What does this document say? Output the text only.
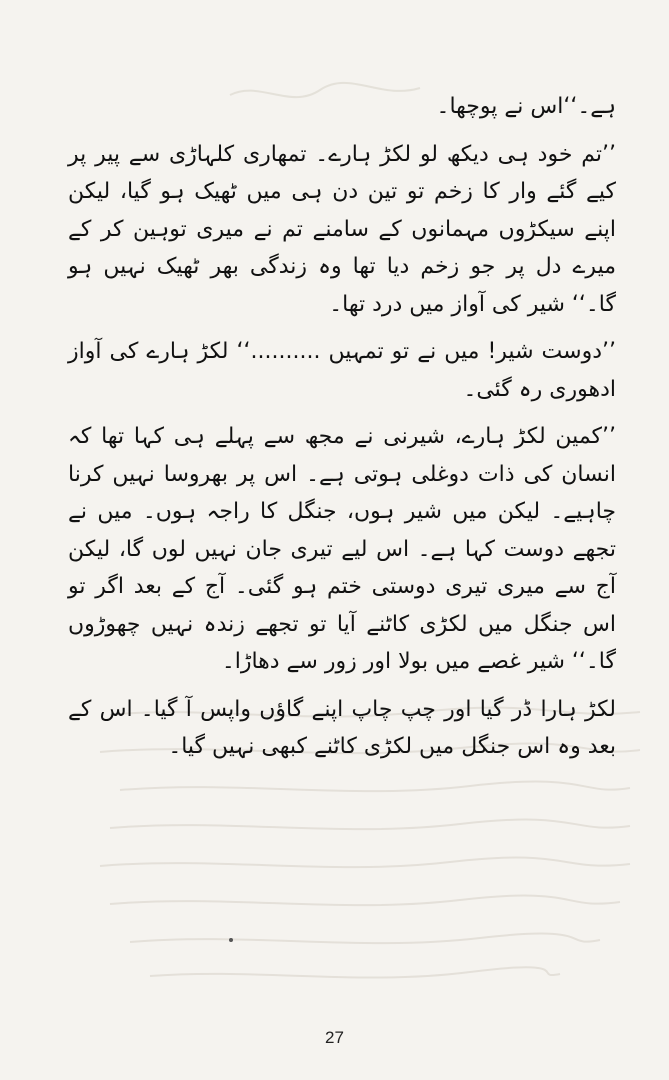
ہے۔‘‘اس نے پوچھا۔

’’تم خود ہی دیکھ لو لکڑ ہارے۔ تمھاری کلہاڑی سے پیر پر کیے گئے وار کا زخم تو تین دن ہی میں ٹھیک ہو گیا، لیکن اپنے سیکڑوں مہمانوں کے سامنے تم نے میری توہین کر کے میرے دل پر جو زخم دیا تھا وہ زندگی بھر ٹھیک نہیں ہو گا۔‘‘ شیر کی آواز میں درد تھا۔

’’دوست شیر! میں نے تو تمہیں ..........‘‘ لکڑ ہارے کی آواز ادھوری رہ گئی۔

’’کمین لکڑ ہارے، شیرنی نے مجھ سے پہلے ہی کہا تھا کہ انسان کی ذات دوغلی ہوتی ہے۔ اس پر بھروسا نہیں کرنا چاہیے۔ لیکن میں شیر ہوں، جنگل کا راجہ ہوں۔ میں نے تجھے دوست کہا ہے۔ اس لیے تیری جان نہیں لوں گا، لیکن آج سے میری تیری دوستی ختم ہو گئی۔ آج کے بعد اگر تو اس جنگل میں لکڑی کاٹنے آیا تو تجھے زندہ نہیں چھوڑوں گا۔‘‘ شیر غصے میں بولا اور زور سے دھاڑا۔

لکڑ ہارا ڈر گیا اور چپ چاپ اپنے گاؤں واپس آ گیا۔ اس کے بعد وہ اس جنگل میں لکڑی کاٹنے کبھی نہیں گیا۔

27
